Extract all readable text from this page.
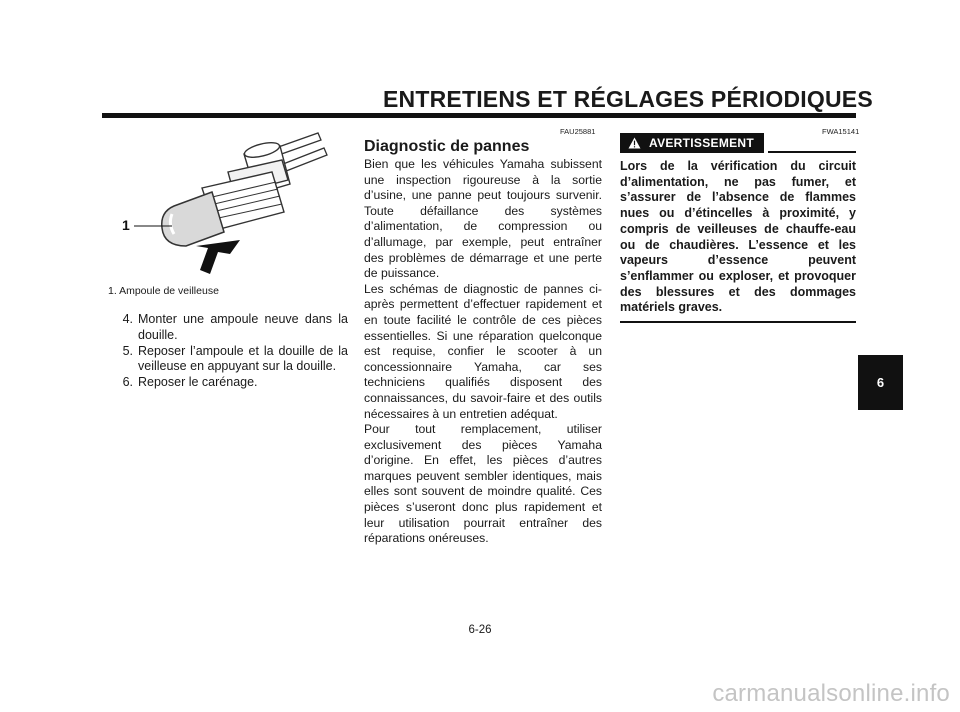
ENTRETIENS ET RÉGLAGES PÉRIODIQUES
6
1
1. Ampoule de veilleuse
4. Monter une ampoule neuve dans la douille.
5. Reposer l’ampoule et la douille de la veilleuse en appuyant sur la douille.
6. Reposer le carénage.
FAU25881
Diagnostic de pannes

Bien que les véhicules Yamaha subissent une inspection rigoureuse à la sortie d’usine, une panne peut toujours survenir. Toute défaillance des systèmes d’alimentation, de compression ou d’allumage, par exemple, peut entraîner des problèmes de démarrage et une perte de puissance.

Les schémas de diagnostic de pannes ci-après permettent d’effectuer rapidement et en toute facilité le contrôle de ces pièces essentielles. Si une réparation quelconque est requise, confier le scooter à un concessionnaire Yamaha, car ses techniciens qualifiés disposent des connaissances, du savoir-faire et des outils nécessaires à un entretien adéquat.

Pour tout remplacement, utiliser exclusivement des pièces Yamaha d’origine. En effet, les pièces d’autres marques peuvent sembler identiques, mais elles sont souvent de moindre qualité. Ces pièces s’useront donc plus rapidement et leur utilisation pourrait entraîner des réparations onéreuses.

FWA15141
AVERTISSEMENT
Lors de la vérification du circuit d’alimentation, ne pas fumer, et s’assurer de l’absence de flammes nues ou d’étincelles à proximité, y compris de veilleuses de chauffe-eau ou de chaudières. L’essence et les vapeurs d’essence peuvent s’enflammer ou exploser, et provoquer des blessures et des dommages matériels graves.
6-26
carmanualsonline.info
